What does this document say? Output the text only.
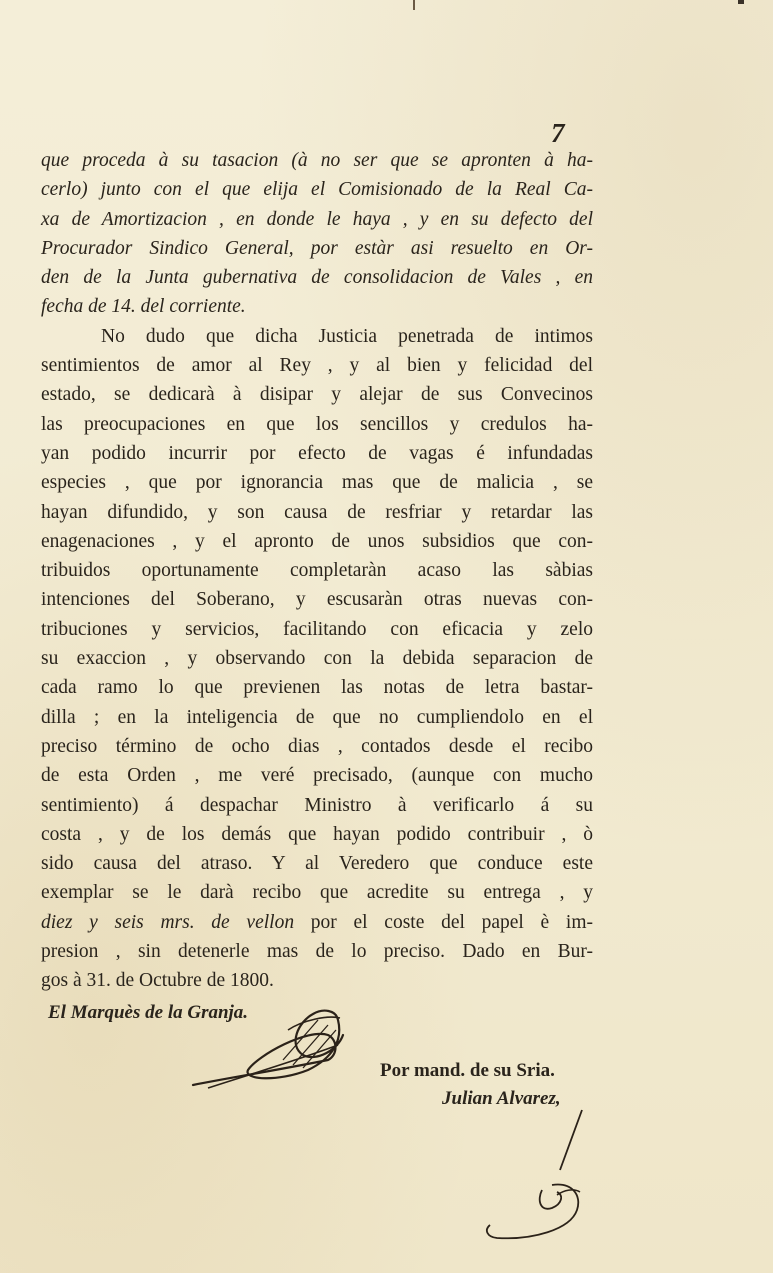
7
que proceda à su tasacion (à no ser que se apronten à ha-
cerlo) junto con el que elija el Comisionado de la Real Ca-
xa de Amortizacion , en donde le haya , y en su defecto del
Procurador Sindico General, por estàr asi resuelto en Or-
den de la Junta gubernativa de consolidacion de Vales , en
fecha de 14. del corriente.
No dudo que dicha Justicia penetrada de intimos
sentimientos de amor al Rey , y al bien y felicidad del
estado, se dedicarà à disipar y alejar de sus Convecinos
las preocupaciones en que los sencillos y credulos ha-
yan podido incurrir por efecto de vagas é infundadas
especies , que por ignorancia mas que de malicia , se
hayan difundido, y son causa de resfriar y retardar las
enagenaciones , y el apronto de unos subsidios que con-
tribuidos oportunamente completaràn acaso las sàbias
intenciones del Soberano, y escusaràn otras nuevas con-
tribuciones y servicios, facilitando con eficacia y zelo
su exaccion , y observando con la debida separacion de
cada ramo lo que previenen las notas de letra bastar-
dilla ; en la inteligencia de que no cumpliendolo en el
preciso término de ocho dias , contados desde el recibo
de esta Orden , me veré precisado, (aunque con mucho
sentimiento) á despachar Ministro à verificarlo á su
costa , y de los demás que hayan podido contribuir , ò
sido causa del atraso. Y al Veredero que conduce este
exemplar se le darà recibo que acredite su entrega , y
diez y seis mrs. de vellon por el coste del papel è im-
presion , sin detenerle mas de lo preciso. Dado en Bur-
gos à 31. de Octubre de 1800.
El Marquès de la Granja.
Por mand. de su Sria.
Julian Alvarez,
